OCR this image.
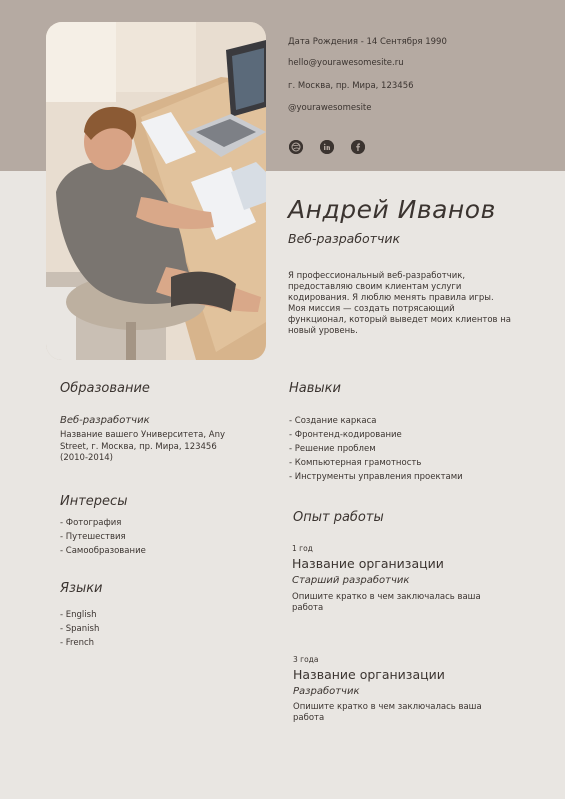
Дата Рождения - 14 Сентября 1990
hello@yourawesomesite.ru
г. Москва, пр. Мира, 123456
@yourawesomesite
Андрей Иванов
Веб-разработчик
Я профессиональный веб-разработчик, предоставляю своим клиентам услуги кодирования. Я люблю менять правила игры. Моя миссия — создать потрясающий функционал, который выведет моих клиентов на новый уровень.
Образование
Веб-разработчик
Название вашего Университета, Any Street, г. Москва, пр. Мира, 123456 (2010-2014)
Интересы
- Фотография
- Путешествия
- Самообразование
Языки
- English
- Spanish
- French
Навыки
- Создание каркаса
- Фронтенд-кодирование
- Решение проблем
- Компьютерная грамотность
- Инструменты управления проектами
Опыт работы
1 год
Название организации
Старший разработчик
Опишите кратко в чем заключалась ваша работа
3 года
Название организации
Разработчик
Опишите кратко в чем заключалась ваша работа
